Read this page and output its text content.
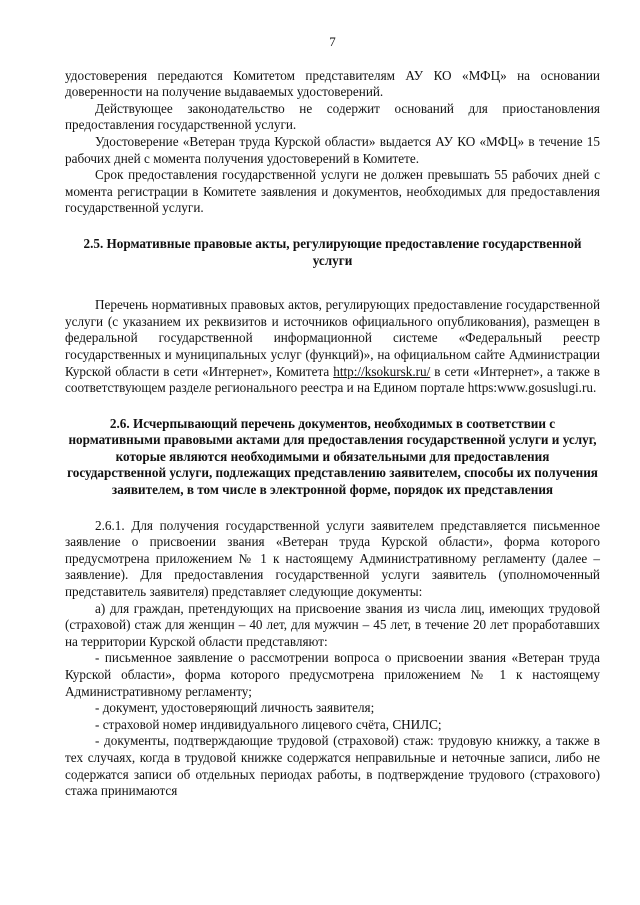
7

удостоверения передаются Комитетом представителям АУ КО «МФЦ» на основании доверенности на получение выдаваемых удостоверений.

Действующее законодательство не содержит оснований для приостановления предоставления государственной услуги.

Удостоверение «Ветеран труда Курской области» выдается АУ КО «МФЦ» в течение 15 рабочих дней с момента получения удостоверений в Комитете.

Срок предоставления государственной услуги не должен превышать 55 рабочих дней с момента регистрации в Комитете заявления и документов, необходимых для предоставления государственной услуги.

2.5. Нормативные правовые акты, регулирующие предоставление государственной услуги

Перечень нормативных правовых актов, регулирующих предоставление государственной услуги (с указанием их реквизитов и источников официального опубликования), размещен в федеральной государственной информационной системе «Федеральный реестр государственных и муниципальных услуг (функций)», на официальном сайте Администрации Курской области в сети «Интернет», Комитета http://ksokursk.ru/ в сети «Интернет», а также в соответствующем разделе регионального реестра и на Едином портале https:www.gosuslugi.ru.

2.6. Исчерпывающий перечень документов, необходимых в соответствии с нормативными правовыми актами для предоставления государственной услуги и услуг, которые являются необходимыми и обязательными для предоставления государственной услуги, подлежащих представлению заявителем, способы их получения заявителем, в том числе в электронной форме, порядок их представления

2.6.1. Для получения государственной услуги заявителем представляется письменное заявление о присвоении звания «Ветеран труда Курской области», форма которого предусмотрена приложением № 1 к настоящему Административному регламенту (далее – заявление). Для предоставления государственной услуги заявитель (уполномоченный представитель заявителя) представляет следующие документы:

а) для граждан, претендующих на присвоение звания из числа лиц, имеющих трудовой (страховой) стаж для женщин – 40 лет, для мужчин – 45 лет, в течение 20 лет проработавших на территории Курской области представляют:

- письменное заявление о рассмотрении вопроса о присвоении звания «Ветеран труда Курской области», форма которого предусмотрена приложением № 1 к настоящему Административному регламенту;

- документ, удостоверяющий личность заявителя;

- страховой номер индивидуального лицевого счёта, СНИЛС;

- документы, подтверждающие трудовой (страховой) стаж: трудовую книжку, а также в тех случаях, когда в трудовой книжке содержатся неправильные и неточные записи, либо не содержатся записи об отдельных периодах работы, в подтверждение трудового (страхового) стажа принимаются
